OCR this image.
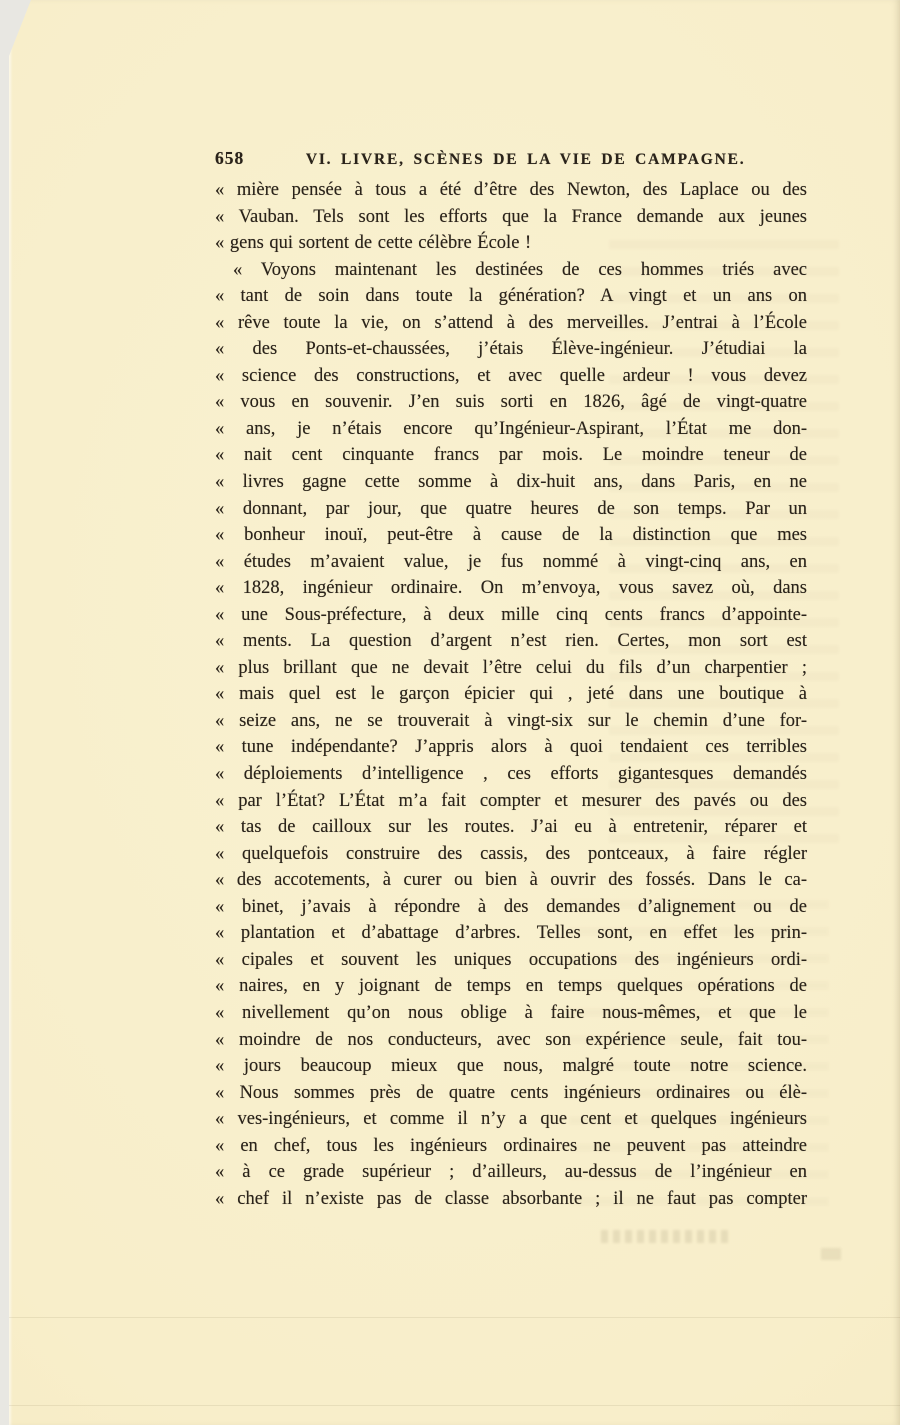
658	VI. LIVRE, SCÈNES DE LA VIE DE CAMPAGNE.
« mière pensée à tous a été d’être des Newton, des Laplace ou des
« Vauban. Tels sont les efforts que la France demande aux jeunes
« gens qui sortent de cette célèbre École !
« Voyons maintenant les destinées de ces hommes triés avec
« tant de soin dans toute la génération? A vingt et un ans on
« rêve toute la vie, on s’attend à des merveilles. J’entrai à l’École
« des Ponts-et-chaussées, j’étais Élève-ingénieur. J’étudiai la
« science des constructions, et avec quelle ardeur ! vous devez
« vous en souvenir. J’en suis sorti en 1826, âgé de vingt-quatre
« ans, je n’étais encore qu’Ingénieur-Aspirant, l’État me don-
« nait cent cinquante francs par mois. Le moindre teneur de
« livres gagne cette somme à dix-huit ans, dans Paris, en ne
« donnant, par jour, que quatre heures de son temps. Par un
« bonheur inouï, peut-être à cause de la distinction que mes
« études m’avaient value, je fus nommé à vingt-cinq ans, en
« 1828, ingénieur ordinaire. On m’envoya, vous savez où, dans
« une Sous-préfecture, à deux mille cinq cents francs d’appointe-
« ments. La question d’argent n’est rien. Certes, mon sort est
« plus brillant que ne devait l’être celui du fils d’un charpentier ;
« mais quel est le garçon épicier qui , jeté dans une boutique à
« seize ans, ne se trouverait à vingt-six sur le chemin d’une for-
« tune indépendante? J’appris alors à quoi tendaient ces terribles
« déploiements d’intelligence , ces efforts gigantesques demandés
« par l’État? L’État m’a fait compter et mesurer des pavés ou des
« tas de cailloux sur les routes. J’ai eu à entretenir, réparer et
« quelquefois construire des cassis, des pontceaux, à faire régler
« des accotements, à curer ou bien à ouvrir des fossés. Dans le ca-
« binet, j’avais à répondre à des demandes d’alignement ou de
« plantation et d’abattage d’arbres. Telles sont, en effet les prin-
« cipales et souvent les uniques occupations des ingénieurs ordi-
« naires, en y joignant de temps en temps quelques opérations de
« nivellement qu’on nous oblige à faire nous-mêmes, et que le
« moindre de nos conducteurs, avec son expérience seule, fait tou-
« jours beaucoup mieux que nous, malgré toute notre science.
« Nous sommes près de quatre cents ingénieurs ordinaires ou élè-
« ves-ingénieurs, et comme il n’y a que cent et quelques ingénieurs
« en chef, tous les ingénieurs ordinaires ne peuvent pas atteindre
« à ce grade supérieur ; d’ailleurs, au-dessus de l’ingénieur en
« chef il n’existe pas de classe absorbante ; il ne faut pas compter
